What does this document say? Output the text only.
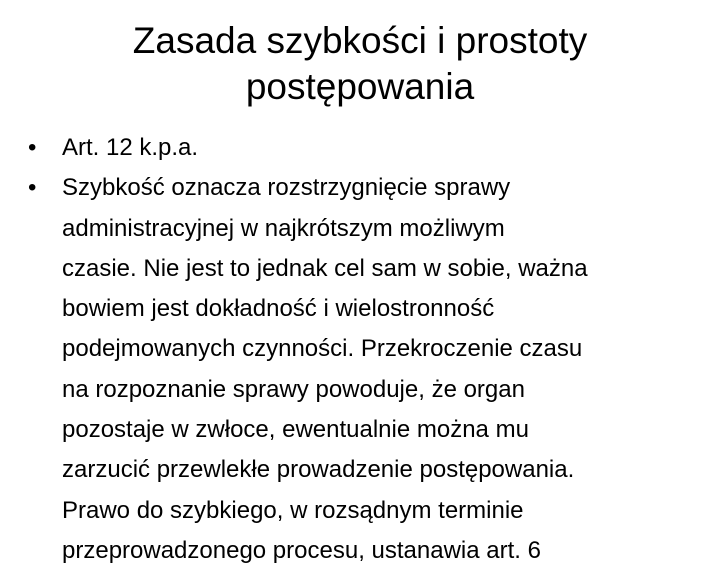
Zasada szybkości i prostoty
postępowania
•	Art. 12 k.p.a.
•	Szybkość oznacza rozstrzygnięcie sprawy
administracyjnej w najkrótszym możliwym
czasie. Nie jest to jednak cel sam w sobie, ważna
bowiem jest dokładność i wielostronność
podejmowanych czynności. Przekroczenie czasu
na rozpoznanie sprawy powoduje, że organ
pozostaje w zwłoce, ewentualnie można mu
zarzucić przewlekłe prowadzenie postępowania.
Prawo do szybkiego, w rozsądnym terminie
przeprowadzonego procesu, ustanawia art. 6
